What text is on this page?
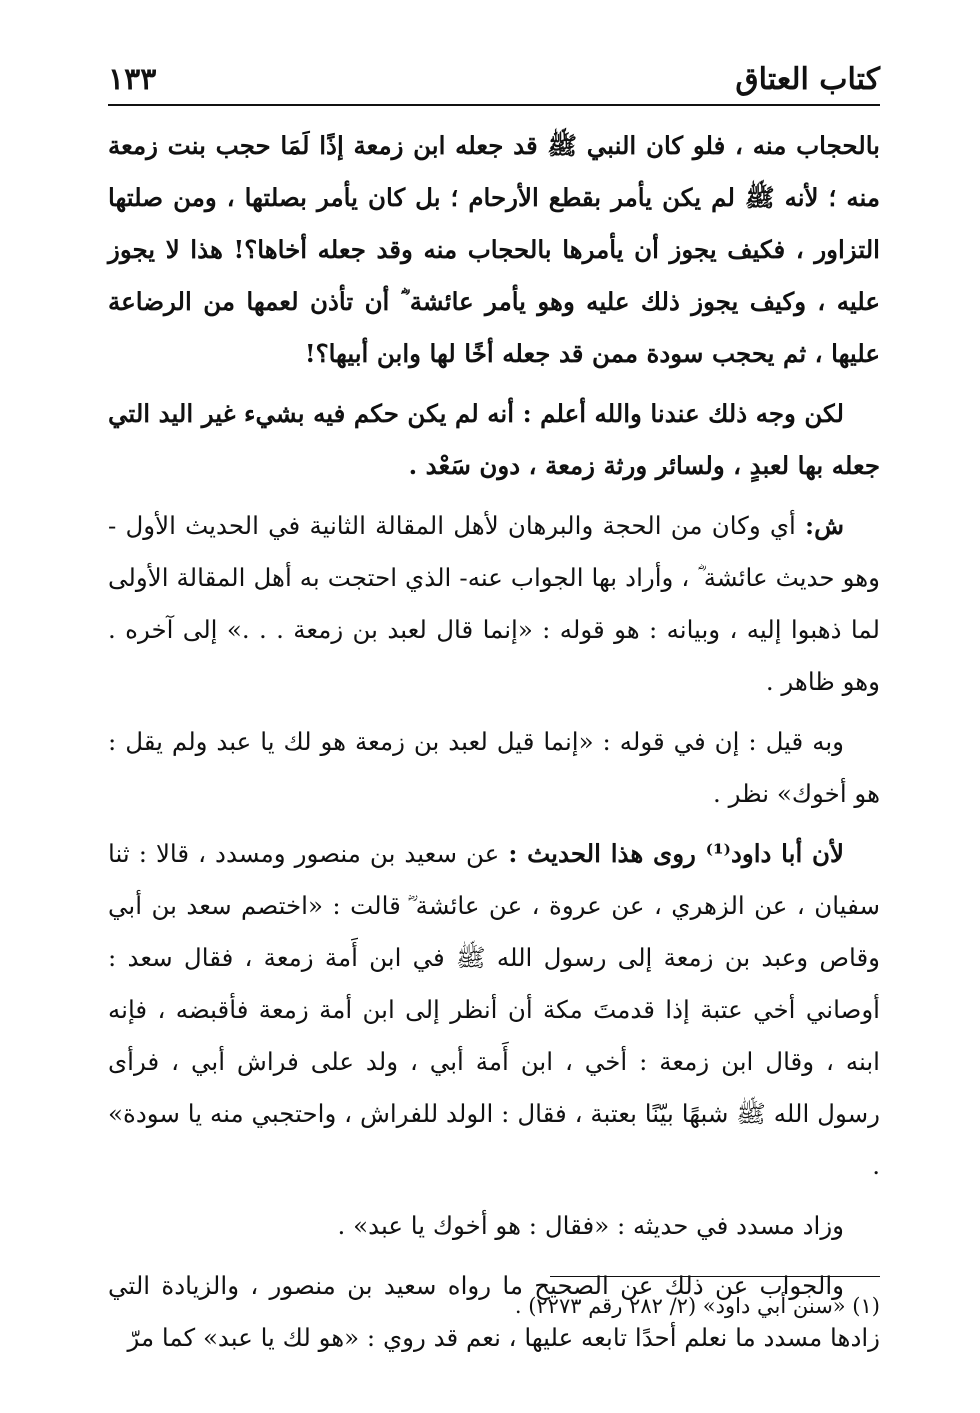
كتاب العتاق
١٣٣

بالحجاب منه ، فلو كان النبي ﷺ قد جعله ابن زمعة إذًا لَمَا حجب بنت زمعة منه ؛ لأنه ﷺ لم يكن يأمر بقطع الأرحام ؛ بل كان يأمر بصلتها ، ومن صلتها التزاور ، فكيف يجوز أن يأمرها بالحجاب منه وقد جعله أخاها؟! هذا لا يجوز عليه ، وكيف يجوز ذلك عليه وهو يأمر عائشة ؓ أن تأذن لعمها من الرضاعة عليها ، ثم يحجب سودة ممن قد جعله أخًا لها وابن أبيها؟!

لكن وجه ذلك عندنا والله أعلم : أنه لم يكن حكم فيه بشيء غير اليد التي جعله بها لعبدٍ ، ولسائر ورثة زمعة ، دون سَعْد .

ش: أي وكان من الحجة والبرهان لأهل المقالة الثانية في الحديث الأول - وهو حديث عائشة ؓ ، وأراد بها الجواب عنه- الذي احتجت به أهل المقالة الأولى لما ذهبوا إليه ، وبيانه : هو قوله : «إنما قال لعبد بن زمعة . . .» إلى آخره . وهو ظاهر .

وبه قيل : إن في قوله : «إنما قيل لعبد بن زمعة هو لك يا عبد ولم يقل : هو أخوك» نظر .

لأن أبا داود⁽¹⁾ روى هذا الحديث : عن سعيد بن منصور ومسدد ، قالا : ثنا سفيان ، عن الزهري ، عن عروة ، عن عائشة ؓ قالت : «اختصم سعد بن أبي وقاص وعبد بن زمعة إلى رسول الله ﷺ في ابن أَمة زمعة ، فقال سعد : أوصاني أخي عتبة إذا قدمتَ مكة أن أنظر إلى ابن أمة زمعة فأقبضه ، فإنه ابنه ، وقال ابن زمعة : أخي ، ابن أَمة أبي ، ولد على فراش أبي ، فرأى رسول الله ﷺ شبهًا بيّنًا بعتبة ، فقال : الولد للفراش ، واحتجبي منه يا سودة» .

وزاد مسدد في حديثه : «فقال : هو أخوك يا عبد» .

والجواب عن ذلك عن الصحيح ما رواه سعيد بن منصور ، والزيادة التي زادها مسدد ما نعلم أحدًا تابعه عليها ، نعم قد روي : «هو لك يا عبد» كما مرّ

(١) «سنن أبي داود» (٢/ ٢٨٢ رقم ٢٢٧٣) .
